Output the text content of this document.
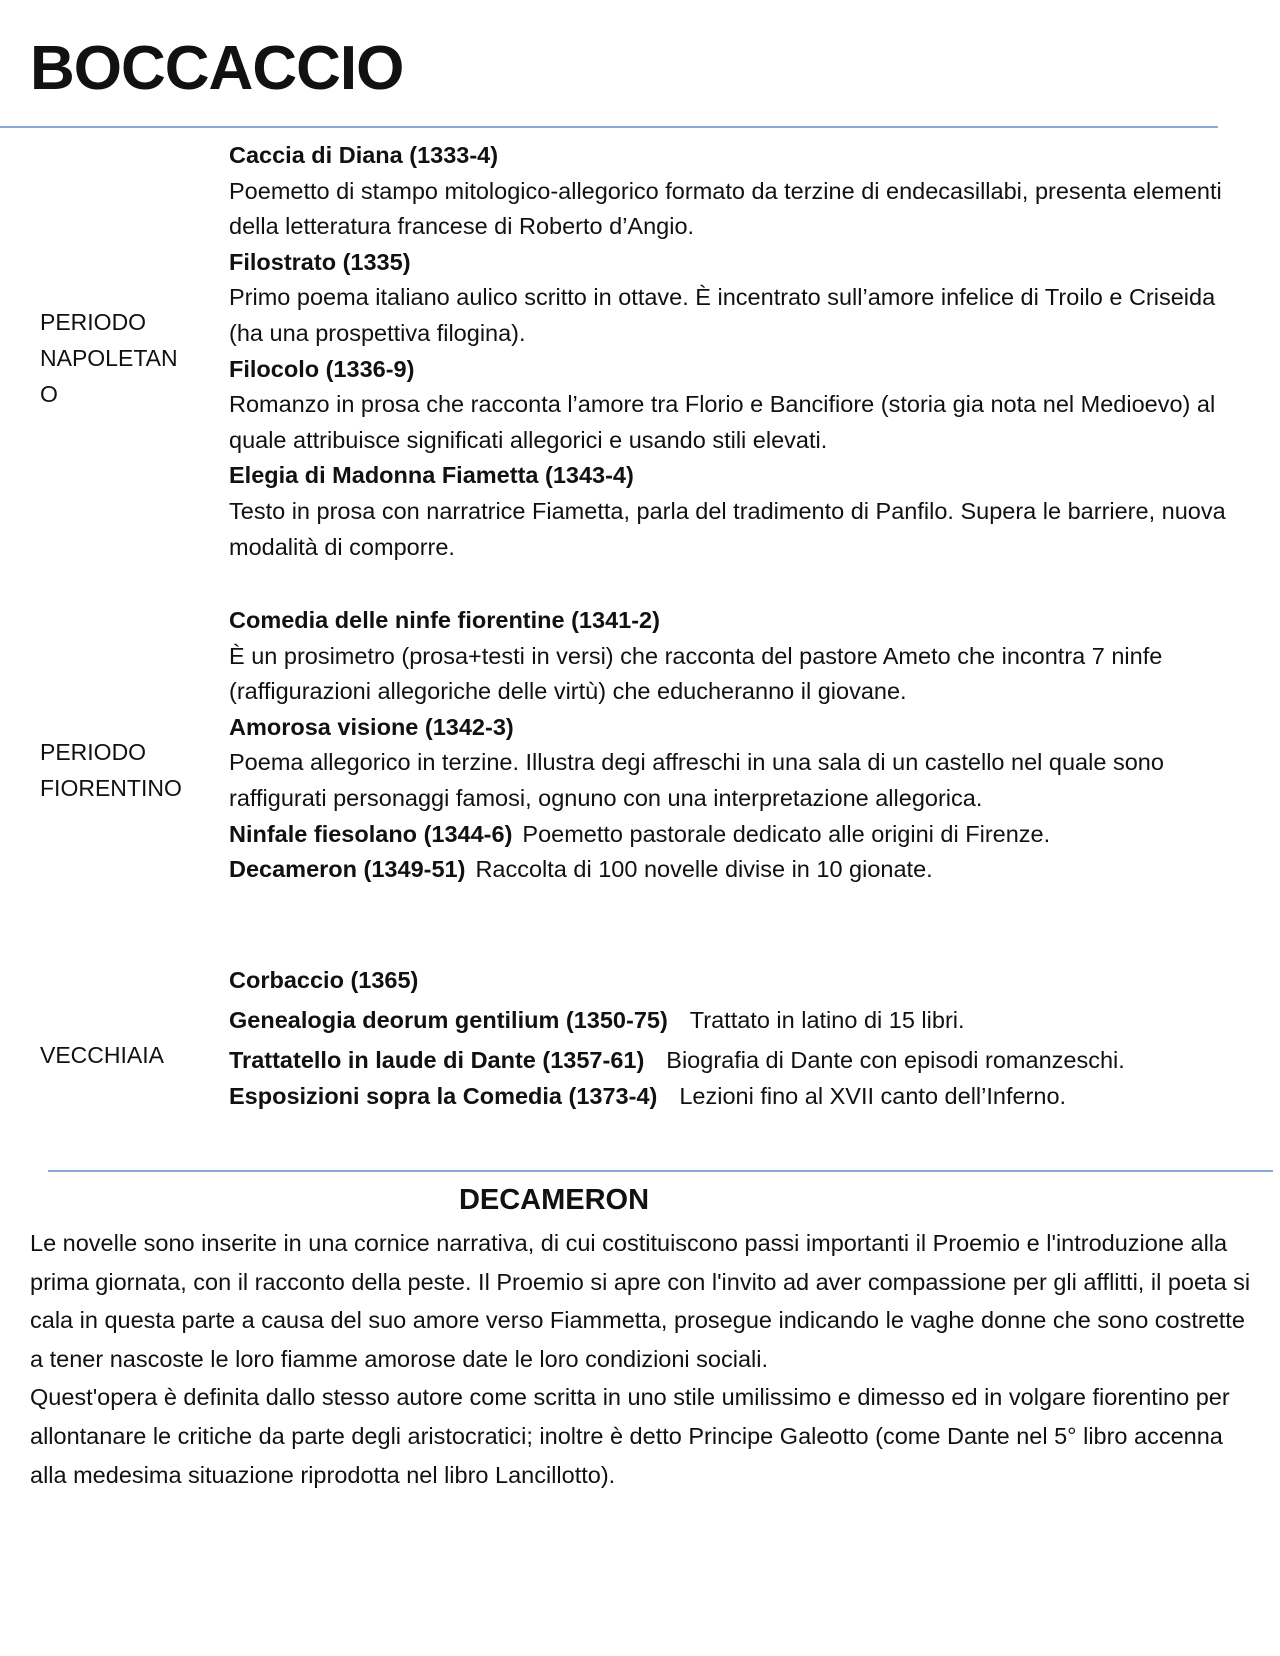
BOCCACCIO
PERIODO NAPOLETAN O
Caccia di Diana (1333-4)
Poemetto di stampo mitologico-allegorico formato da terzine di endecasillabi, presenta elementi della letteratura francese di Roberto d’Angio.
Filostrato (1335)
Primo poema italiano aulico scritto in ottave. È incentrato sull’amore infelice di Troilo e Criseida (ha una prospettiva filogina).
Filocolo (1336-9)
Romanzo in prosa che racconta l’amore tra Florio e Bancifiore (storia gia nota nel Medioevo) al quale attribuisce significati allegorici e usando stili elevati.
Elegia di Madonna Fiametta (1343-4)
Testo in prosa con narratrice Fiametta, parla del tradimento di Panfilo. Supera le barriere, nuova modalità di comporre.
PERIODO FIORENTINO
Comedia delle ninfe fiorentine (1341-2)
È un prosimetro (prosa+testi in versi) che racconta del pastore Ameto che incontra 7 ninfe (raffigurazioni allegoriche delle virtù) che educheranno il giovane.
Amorosa visione (1342-3)
Poema allegorico in terzine. Illustra degi affreschi in una sala di un castello nel quale sono raffigurati personaggi famosi, ognuno con una interpretazione allegorica.
Ninfale fiesolano (1344-6) Poemetto pastorale dedicato alle origini di Firenze.
Decameron (1349-51) Raccolta di 100 novelle divise in 10 gionate.
VECCHIAIA
Corbaccio (1365)
Genealogia deorum gentilium (1350-75) Trattato in latino di 15 libri.
Trattatello in laude di Dante (1357-61) Biografia di Dante con episodi romanzeschi.
Esposizioni sopra la Comedia (1373-4) Lezioni fino al XVII canto dell’Inferno.
DECAMERON

Le novelle sono inserite in una cornice narrativa, di cui costituiscono passi importanti il Proemio e l'introduzione alla prima giornata, con il racconto della peste. Il Proemio si apre con l'invito ad aver compassione per gli afflitti, il poeta si cala in questa parte a causa del suo amore verso Fiammetta, prosegue indicando le vaghe donne che sono costrette a tener nascoste le loro fiamme amorose date le loro condizioni sociali.

Quest'opera è definita dallo stesso autore come scritta in uno stile umilissimo e dimesso ed in volgare fiorentino per allontanare le critiche da parte degli aristocratici; inoltre è detto Principe Galeotto (come Dante nel 5° libro accenna alla medesima situazione riprodotta nel libro Lancillotto).
